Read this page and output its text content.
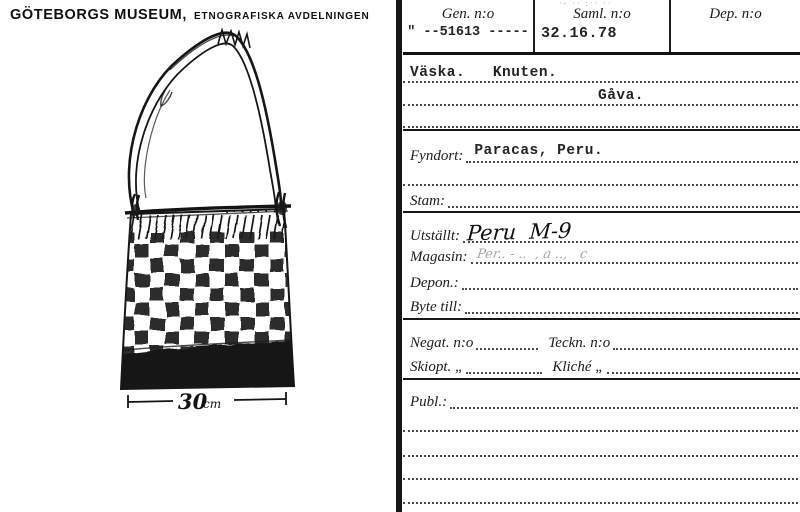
GÖTEBORGS MUSEUM, ETNOGRAFISKA AVDELNINGEN
30
cm
Gen. n:o
" --51613 -----
·- ·· :·· ··
Saml. n:o
32.16.78
Dep. n:o
Väska.   Knuten.
Gåva.
Fyndort: Paracas, Peru.
Stam:
Utställt: Peru  M-9
Magasin: Per.. - ..  , a ..,   c
Depon.:
Byte till:
Negat. n:o	Teckn. n:o
Skiopt. „	Kliché „
Publ.:
